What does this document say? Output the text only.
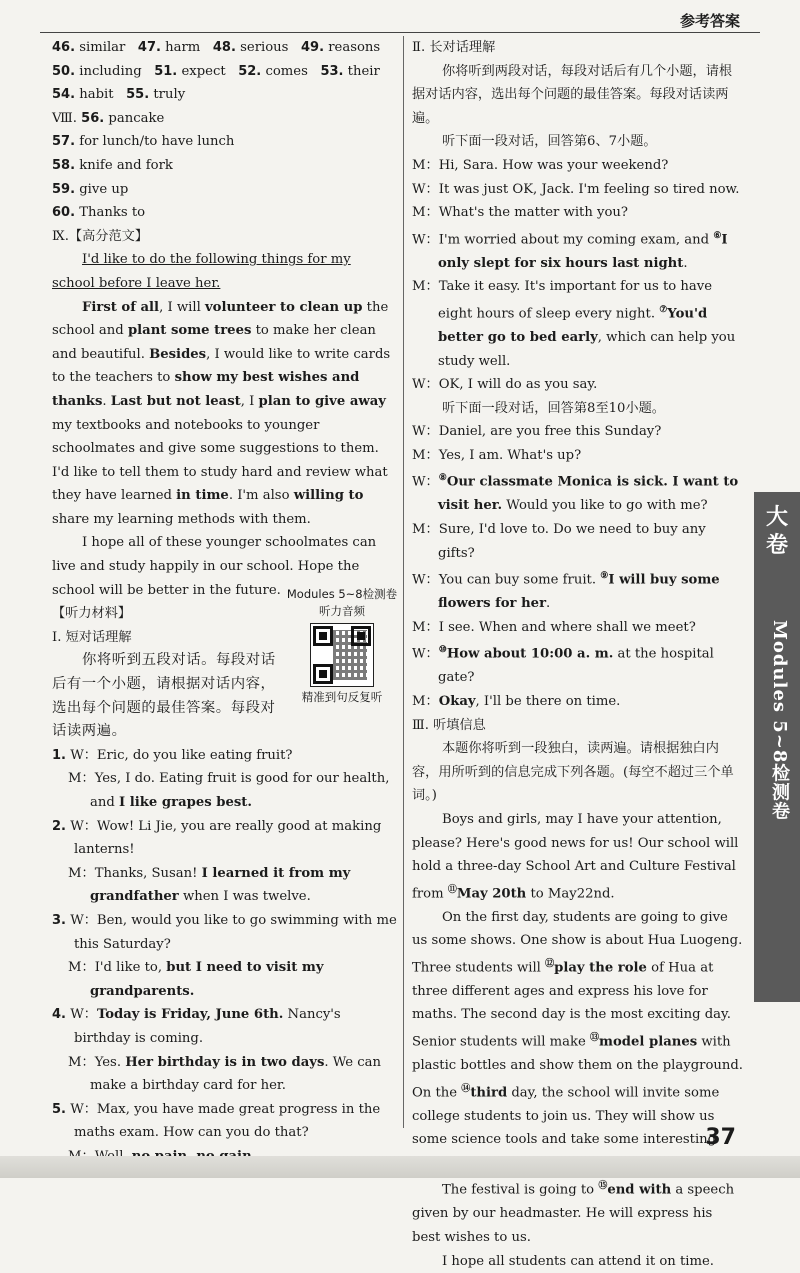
参考答案
46. similar 47. harm 48. serious 49. reasons
50. including 51. expect 52. comes 53. their
54. habit 55. truly
Ⅷ. 56. pancake
57. for lunch/to have lunch
58. knife and fork
59. give up
60. Thanks to
Ⅸ.【高分范文】
I'd like to do the following things for my school before I leave her.
First of all, I will volunteer to clean up the school and plant some trees to make her clean and beautiful. Besides, I would like to write cards to the teachers to show my best wishes and thanks. Last but not least, I plan to give away my textbooks and notebooks to younger schoolmates and give some suggestions to them. I'd like to tell them to study hard and review what they have learned in time. I'm also willing to share my learning methods with them.
I hope all of these younger schoolmates can live and study happily in our school. Hope the school will be better in the future.
【听力材料】
Ⅰ. 短对话理解
你将听到五段对话。每段对话后有一个小题，请根据对话内容，选出每个问题的最佳答案。每段对话读两遍。
1. W：Eric, do you like eating fruit?
M：Yes, I do. Eating fruit is good for our health, and I like grapes best.
2. W：Wow! Li Jie, you are really good at making lanterns!
M：Thanks, Susan! I learned it from my grandfather when I was twelve.
3. W：Ben, would you like to go swimming with me this Saturday?
M：I'd like to, but I need to visit my grandparents.
4. W：Today is Friday, June 6th. Nancy's birthday is coming.
M：Yes. Her birthday is in two days. We can make a birthday card for her.
5. W：Max, you have made great progress in the maths exam. How can you do that?
Ⅱ. 长对话理解
你将听到两段对话，每段对话后有几个小题，请根据对话内容，选出每个问题的最佳答案。每段对话读两遍。
听下面一段对话，回答第6、7小题。
M：Hi, Sara. How was your weekend?
W：It was just OK, Jack. I'm feeling so tired now.
M：What's the matter with you?
W：I'm worried about my coming exam, and ⑥I only slept for six hours last night.
M：Take it easy. It's important for us to have eight hours of sleep every night. ⑦You'd better go to bed early, which can help you study well.
W：OK, I will do as you say.
听下面一段对话，回答第8至10小题。
W：Daniel, are you free this Sunday?
M：Yes, I am. What's up?
W：⑧Our classmate Monica is sick. I want to visit her. Would you like to go with me?
M：Sure, I'd love to. Do we need to buy any gifts?
W：You can buy some fruit. ⑨I will buy some flowers for her.
M：I see. When and where shall we meet?
W：⑩How about 10:00 a. m. at the hospital gate?
M：Okay, I'll be there on time.
Ⅲ. 听填信息
本题你将听到一段独白，读两遍。请根据独白内容，用所听到的信息完成下列各题。(每空不超过三个单词。)
Boys and girls, may I have your attention, please? Here's good news for us! Our school will hold a three-day School Art and Culture Festival from ⑪May 20th to May22nd.
On the first day, students are going to give us some shows. One show is about Hua Luogeng. Three students will ⑫play the role of Hua at three different ages and express his love for maths. The second day is the most exciting day. Senior students will make ⑬model planes with plastic bottles and show them on the playground. On the ⑭third day, the school will invite some college students to join us. They will show us some science tools and take some interesting
The festival is going to ⑮end with a speech given by our headmaster. He will express his best wishes to us.
I hope all students can attend it on time.
Modules 5~8检测卷
听力音频
精准到句反复听
大
卷
Modules 5~8检测卷
37
